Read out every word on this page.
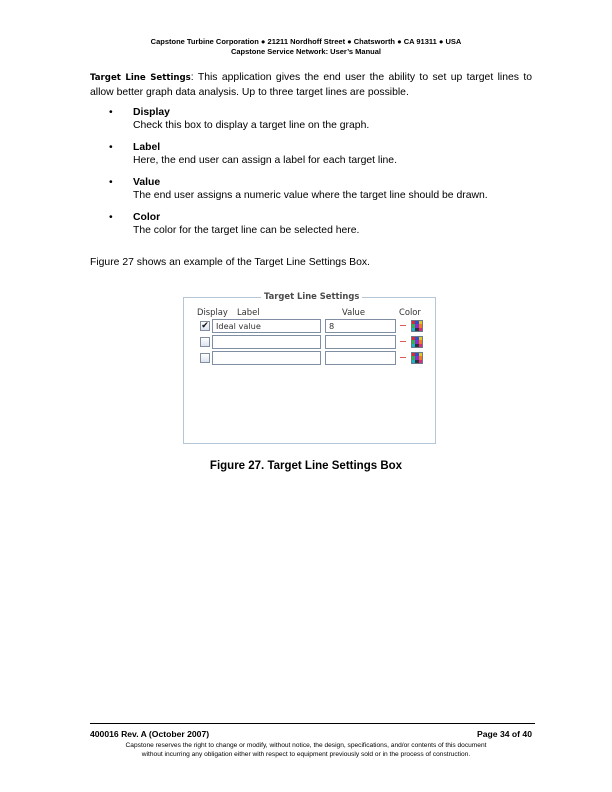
Capstone Turbine Corporation ● 21211 Nordhoff Street ● Chatsworth ● CA 91311 ● USA
Capstone Service Network: User’s Manual
Target Line Settings: This application gives the end user the ability to set up target lines to allow better graph data analysis. Up to three target lines are possible.
• Display
Check this box to display a target line on the graph.
• Label
Here, the end user can assign a label for each target line.
• Value
The end user assigns a numeric value where the target line should be drawn.
• Color
The color for the target line can be selected here.
Figure 27 shows an example of the Target Line Settings Box.
Target Line Settings
Display Label	Value	Color
✔ Ideal value	8
Figure 27. Target Line Settings Box
400016 Rev. A (October 2007)	Page 34 of 40
Capstone reserves the right to change or modify, without notice, the design, specifications, and/or contents of this document
without incurring any obligation either with respect to equipment previously sold or in the process of construction.
